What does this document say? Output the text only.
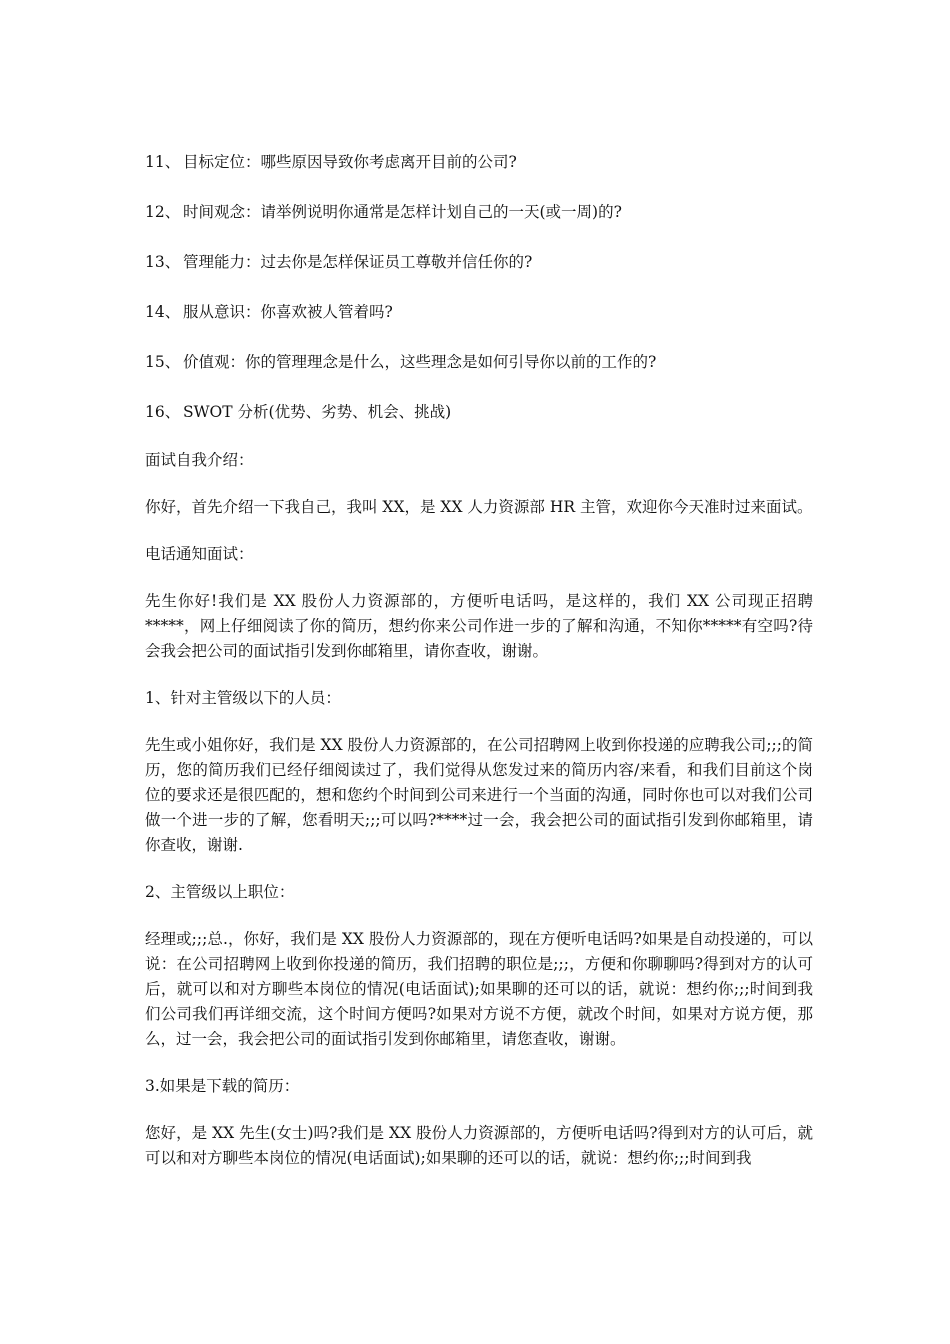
11、 目标定位：哪些原因导致你考虑离开目前的公司?
12、 时间观念：请举例说明你通常是怎样计划自己的一天(或一周)的?
13、 管理能力：过去你是怎样保证员工尊敬并信任你的?
14、 服从意识：你喜欢被人管着吗?
15、 价值观：你的管理理念是什么，这些理念是如何引导你以前的工作的?
16、 SWOT 分析(优势、劣势、机会、挑战)

面试自我介绍：

你好，首先介绍一下我自己，我叫 XX，是 XX 人力资源部 HR 主管，欢迎你今天准时过来面试。

电话通知面试：

先生你好!我们是 XX 股份人力资源部的，方便听电话吗，是这样的，我们 XX 公司现正招聘*****，网上仔细阅读了你的简历，想约你来公司作进一步的了解和沟通，不知你*****有空吗?待会我会把公司的面试指引发到你邮箱里，请你查收，谢谢。

1、针对主管级以下的人员：

先生或小姐你好，我们是 XX 股份人力资源部的，在公司招聘网上收到你投递的应聘我公司;;;的简历，您的简历我们已经仔细阅读过了，我们觉得从您发过来的简历内容/来看，和我们目前这个岗位的要求还是很匹配的，想和您约个时间到公司来进行一个当面的沟通，同时你也可以对我们公司做一个进一步的了解，您看明天;;;可以吗?****过一会，我会把公司的面试指引发到你邮箱里，请你查收，谢谢.

2、主管级以上职位：

经理或;;;总.，你好，我们是 XX 股份人力资源部的，现在方便听电话吗?如果是自动投递的，可以说：在公司招聘网上收到你投递的简历，我们招聘的职位是;;;，方便和你聊聊吗?得到对方的认可后，就可以和对方聊些本岗位的情况(电话面试);如果聊的还可以的话，就说：想约你;;;时间到我们公司我们再详细交流，这个时间方便吗?如果对方说不方便，就改个时间，如果对方说方便，那么，过一会，我会把公司的面试指引发到你邮箱里，请您查收，谢谢。

3.如果是下载的简历：

您好，是 XX 先生(女士)吗?我们是 XX 股份人力资源部的，方便听电话吗?得到对方的认可后，就可以和对方聊些本岗位的情况(电话面试);如果聊的还可以的话，就说：想约你;;;时间到我
